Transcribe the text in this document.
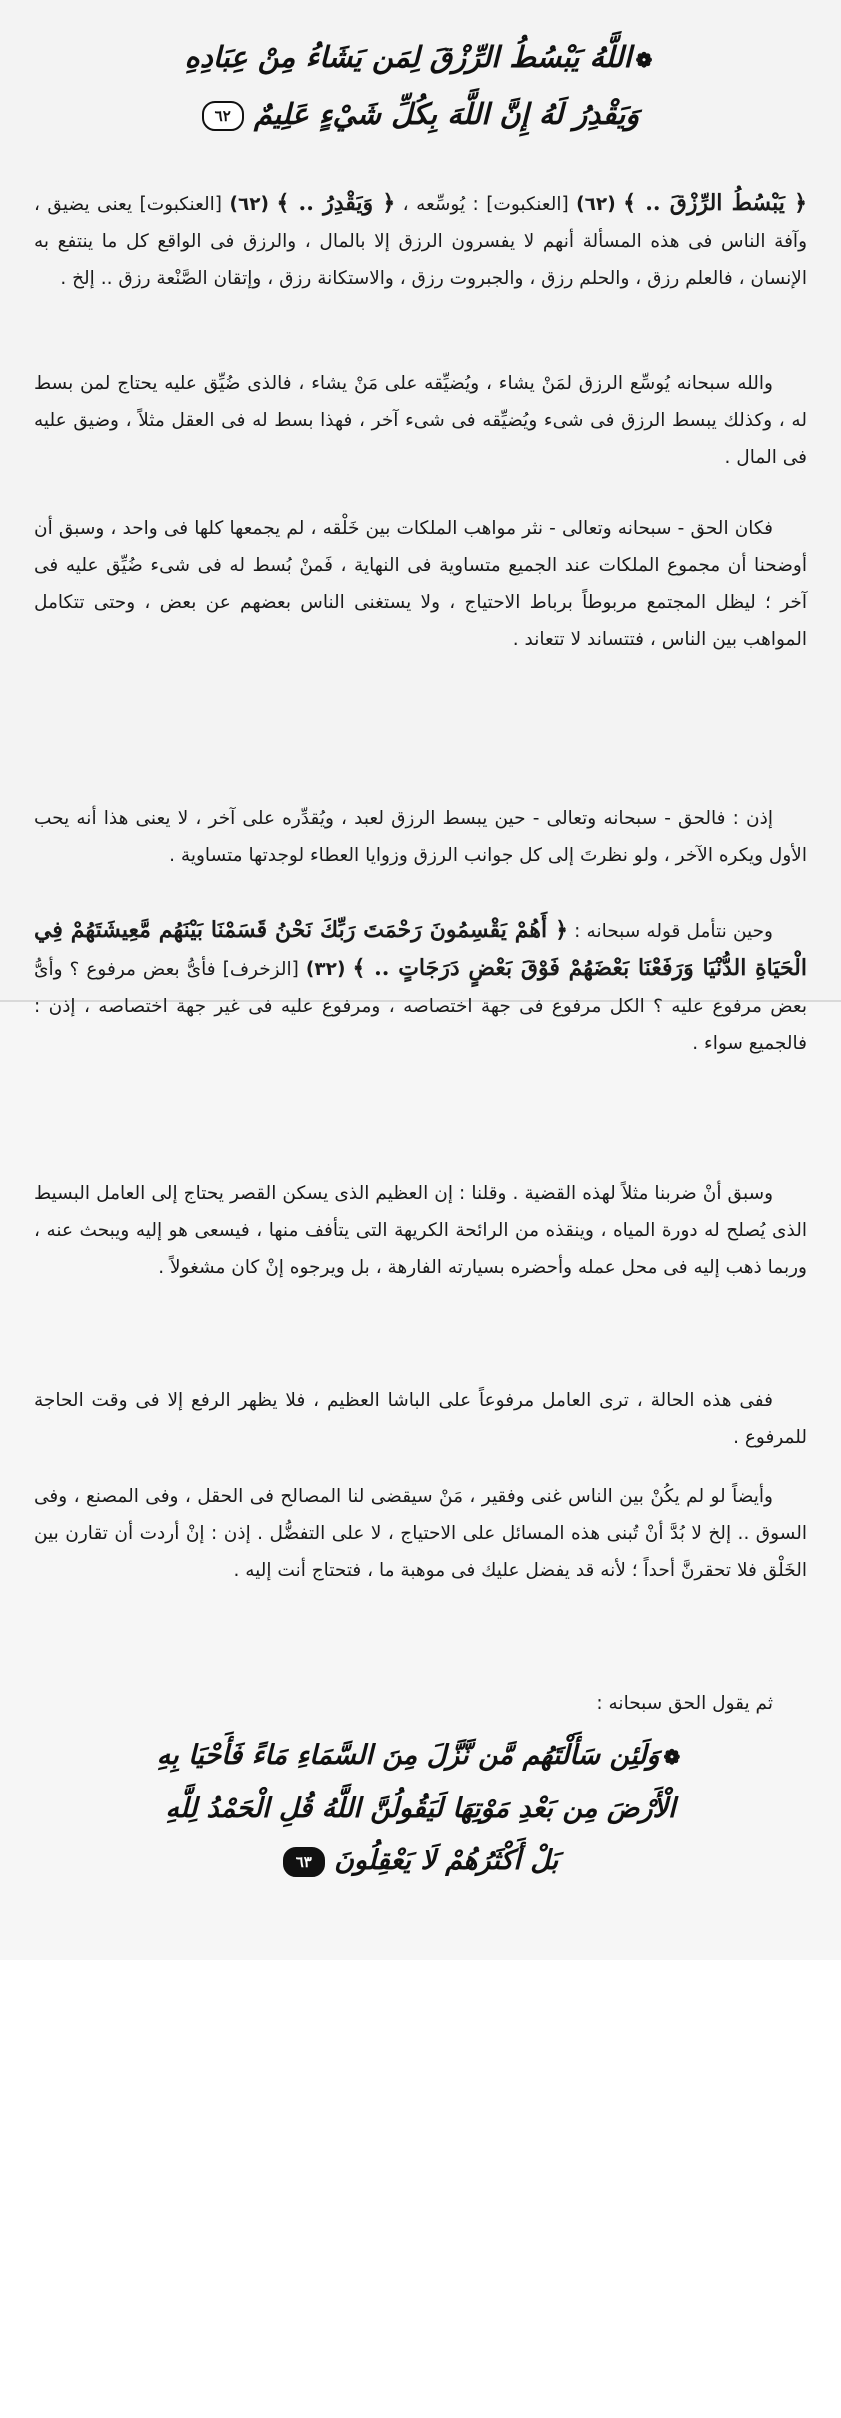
❁اللَّهُ يَبْسُطُ الرِّزْقَ لِمَن يَشَاءُ مِنْ عِبَادِهِ
وَيَقْدِرُ لَهُ إِنَّ اللَّهَ بِكُلِّ شَيْءٍ عَلِيمٌ ٦٢
﴿ يَبْسُطُ الرِّزْقَ .. ﴾ (٦٢) [العنكبوت] : يُوسِّعه ، ﴿ وَيَقْدِرُ .. ﴾ (٦٢) [العنكبوت] يعنى يضيق ، وآفة الناس فى هذه المسألة أنهم لا يفسرون الرزق إلا بالمال ، والرزق فى الواقع كل ما ينتفع به الإنسان ، فالعلم رزق ، والحلم رزق ، والجبروت رزق ، والاستكانة رزق ، وإتقان الصَّنْعة رزق .. إلخ .
والله سبحانه يُوسِّع الرزق لمَنْ يشاء ، ويُضيِّقه على مَنْ يشاء ، فالذى ضُيِّق عليه يحتاج لمن بسط له ، وكذلك يبسط الرزق فى شىء ويُضيِّقه فى شىء آخر ، فهذا بسط له فى العقل مثلاً ، وضيق عليه فى المال .
فكان الحق - سبحانه وتعالى - نثر مواهب الملكات بين خَلْقه ، لم يجمعها كلها فى واحد ، وسبق أن أوضحنا أن مجموع الملكات عند الجميع متساوية فى النهاية ، فَمنْ بُسط له فى شىء ضُيِّق عليه فى آخر ؛ ليظل المجتمع مربوطاً برباط الاحتياج ، ولا يستغنى الناس بعضهم عن بعض ، وحتى تتكامل المواهب بين الناس ، فتتساند لا تتعاند .
إذن : فالحق - سبحانه وتعالى - حين يبسط الرزق لعبد ، ويُقدِّره على آخر ، لا يعنى هذا أنه يحب الأول ويكره الآخر ، ولو نظرتَ إلى كل جوانب الرزق وزوايا العطاء لوجدتها متساوية .
وحين نتأمل قوله سبحانه : ﴿ أَهُمْ يَقْسِمُونَ رَحْمَتَ رَبِّكَ نَحْنُ قَسَمْنَا بَيْنَهُم مَّعِيشَتَهُمْ فِي الْحَيَاةِ الدُّنْيَا وَرَفَعْنَا بَعْضَهُمْ فَوْقَ بَعْضٍ دَرَجَاتٍ .. ﴾ (٣٢) [الزخرف] فأىُّ بعض مرفوع ؟ وأىُّ بعض مرفوع عليه ؟ الكل مرفوع فى جهة اختصاصه ، ومرفوع عليه فى غير جهة اختصاصه ، إذن : فالجميع سواء .
وسبق أنْ ضربنا مثلاً لهذه القضية . وقلنا : إن العظيم الذى يسكن القصر يحتاج إلى العامل البسيط الذى يُصلح له دورة المياه ، وينقذه من الرائحة الكريهة التى يتأفف منها ، فيسعى هو إليه ويبحث عنه ، وربما ذهب إليه فى محل عمله وأحضره بسيارته الفارهة ، بل ويرجوه إنْ كان مشغولاً .
ففى هذه الحالة ، ترى العامل مرفوعاً على الباشا العظيم ، فلا يظهر الرفع إلا فى وقت الحاجة للمرفوع .
وأيضاً لو لم يكُنْ بين الناس غنى وفقير ، مَنْ سيقضى لنا المصالح فى الحقل ، وفى المصنع ، وفى السوق .. إلخ لا بُدَّ أنْ تُبنى هذه المسائل على الاحتياج ، لا على التفضُّل . إذن : إنْ أردت أن تقارن بين الخَلْق فلا تحقرنَّ أحداً ؛ لأنه قد يفضل عليك فى موهبة ما ، فتحتاج أنت إليه .
ثم يقول الحق سبحانه :
❁وَلَئِن سَأَلْتَهُم مَّن نَّزَّلَ مِنَ السَّمَاءِ مَاءً فَأَحْيَا بِهِ
الْأَرْضَ مِن بَعْدِ مَوْتِهَا لَيَقُولُنَّ اللَّهُ قُلِ الْحَمْدُ لِلَّهِ
بَلْ أَكْثَرُهُمْ لَا يَعْقِلُونَ ٦٣
